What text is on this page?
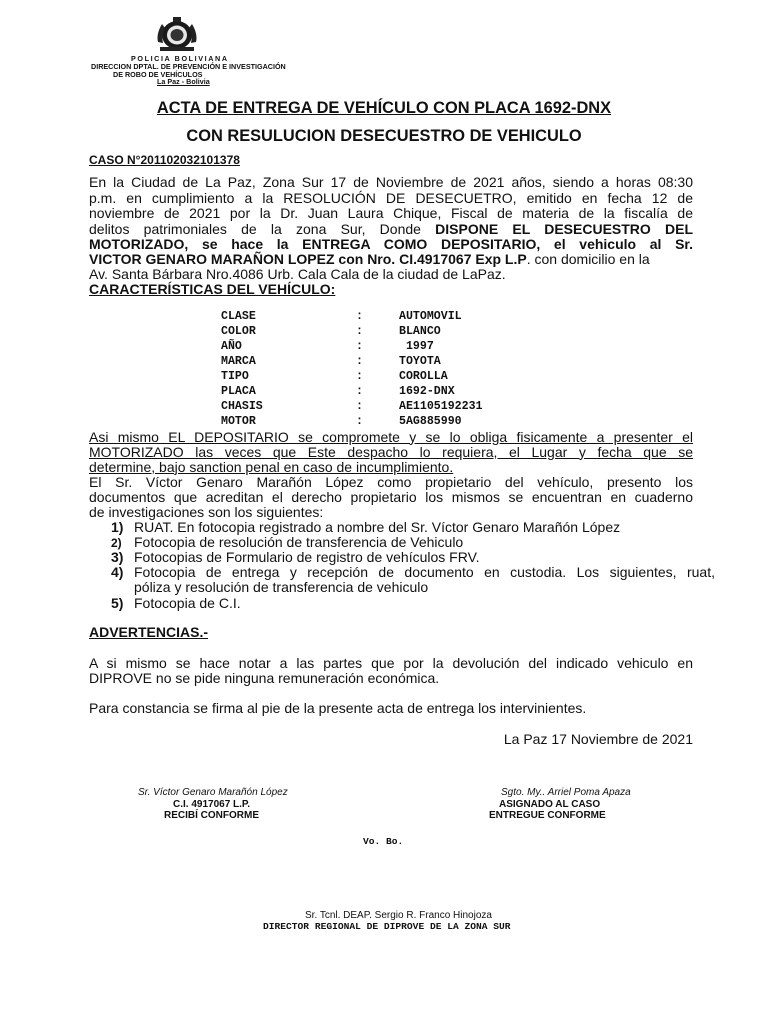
POLICIA BOLIVIANA
DIRECCION DPTAL. DE PREVENCIÓN E INVESTIGACIÓN
DE ROBO DE VEHÍCULOS
La Paz - Bolivia
ACTA DE ENTREGA DE VEHÍCULO CON PLACA 1692-DNX
CON RESULUCION DESECUESTRO DE VEHICULO
CASO N°201102032101378
En la Ciudad de La Paz, Zona Sur 17 de Noviembre de 2021 años, siendo a horas 08:30
p.m. en cumplimiento a la RESOLUCIÓN DE DESECUETRO, emitido en fecha 12 de
noviembre de 2021 por la Dr. Juan Laura Chique, Fiscal de materia de la fiscalía de
delitos patrimoniales de la zona Sur, Donde DISPONE EL DESECUESTRO DEL
MOTORIZADO, se hace la ENTREGA COMO DEPOSITARIO, el vehiculo al Sr.
VICTOR GENARO MARAÑON LOPEZ con Nro. CI.4917067 Exp L.P. con domicilio en la
Av. Santa Bárbara Nro.4086 Urb. Cala Cala de la ciudad de LaPaz.
CARACTERÍSTICAS DEL VEHÍCULO:
CLASE	:	AUTOMOVIL
COLOR	:	BLANCO
AÑO	:	1997
MARCA	:	TOYOTA
TIPO	:	COROLLA
PLACA	:	1692-DNX
CHASIS	:	AE1105192231
MOTOR	:	5AG885990
Asi mismo EL DEPOSITARIO se compromete y se lo obliga fisicamente a presenter el
MOTORIZADO las veces que Este despacho lo requiera, el Lugar y fecha que se
determine, bajo sanction penal en caso de incumplimiento.
El Sr. Víctor Genaro Marañón López como propietario del vehículo, presento los
documentos que acreditan el derecho propietario los mismos se encuentran en cuaderno
de investigaciones son los siguientes:
1) RUAT. En fotocopia registrado a nombre del Sr. Víctor Genaro Marañón López
2) Fotocopia de resolución de transferencia de Vehiculo
3) Fotocopias de Formulario de registro de vehículos FRV.
4) Fotocopia de entrega y recepción de documento en custodia. Los siguientes, ruat,
póliza y resolución de transferencia de vehiculo
5) Fotocopia de C.I.
ADVERTENCIAS.-
A si mismo se hace notar a las partes que por la devolución del indicado vehiculo en
DIPROVE no se pide ninguna remuneración económica.
Para constancia se firma al pie de la presente acta de entrega los intervinientes.
La Paz 17 Noviembre de 2021
Sr. Víctor Genaro Marañón López
C.I. 4917067 L.P.
RECIBÍ CONFORME
Sgto. My.. Arriel Poma Apaza
ASIGNADO AL CASO
ENTREGUE CONFORME
Vo. Bo.
Sr. Tcnl. DEAP. Sergio R. Franco Hinojoza
DIRECTOR REGIONAL DE DIPROVE DE LA ZONA SUR
